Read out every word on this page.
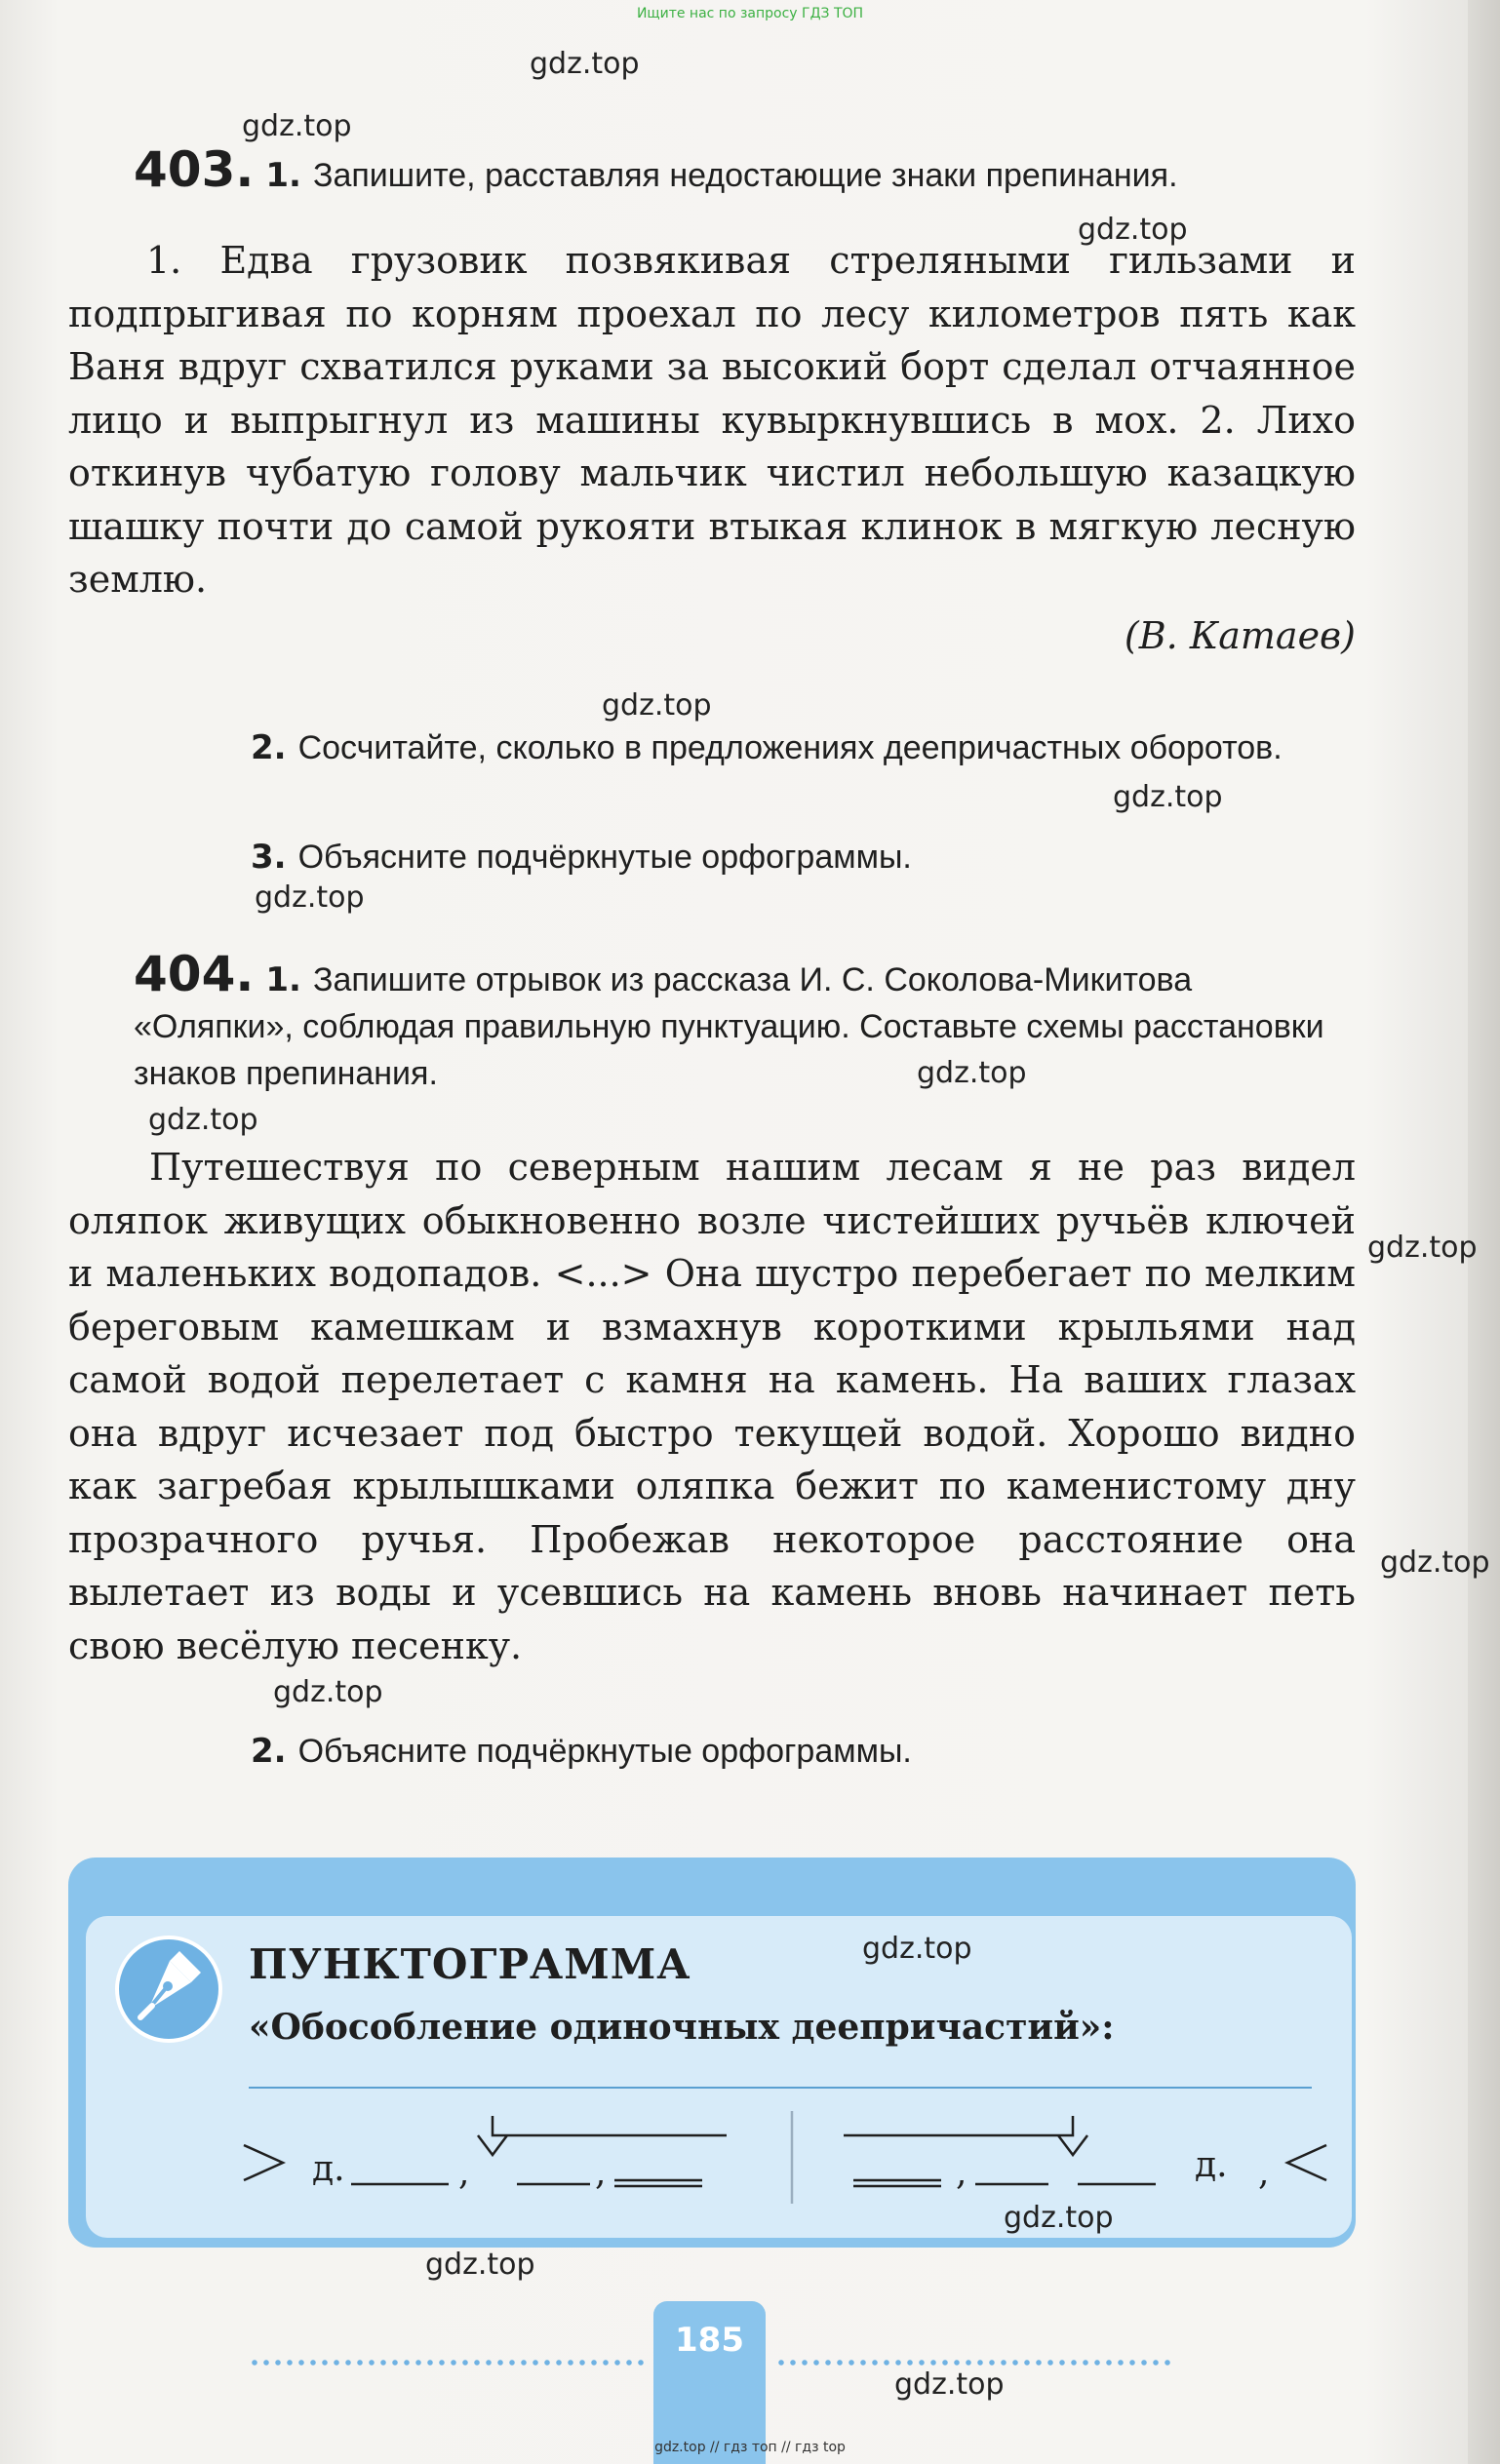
Ищите нас по запросу ГДЗ ТОП
403. 1. Запишите, расставляя недостающие знаки препинания.
1. Едва грузовик позвякивая стреляными гильзами и подпрыгивая по корням проехал по лесу километров пять как Ваня вдруг схватился руками за высокий борт сделал отчаянное лицо и выпрыгнул из машины кувыркнувшись в мох. 2. Лихо откинув чубатую голову мальчик чистил небольшую казацкую шашку почти до самой рукояти втыкая клинок в мягкую лесную землю.
(В. Катаев)
2. Сосчитайте, сколько в предложениях деепричастных оборотов.
3. Объясните подчёркнутые орфограммы.
404. 1. Запишите отрывок из рассказа И. С. Соколова-Микитова «Оляпки», соблюдая правильную пунктуацию. Составьте схемы расстановки знаков препинания.
Путешествуя по северным нашим лесам я не раз видел оляпок живущих обыкновенно возле чистейших ручьёв ключей и маленьких водопадов. <...> Она шустро перебегает по мелким береговым камешкам и взмахнув короткими крыльями над самой водой перелетает с камня на камень. На ваших глазах она вдруг исчезает под быстро текущей водой. Хорошо видно как загребая крылышками оляпка бежит по каменистому дну прозрачного ручья. Пробежав некоторое расстояние она вылетает из воды и усевшись на камень вновь начинает петь свою весёлую песенку.
2. Объясните подчёркнутые орфограммы.
ПУНКТОГРАММА
«Обособление одиночных деепричастий»:
д.	,	,	,	д. ,
185
gdz.top
gdz.top
gdz.top
gdz.top
gdz.top
gdz.top
gdz.top
gdz.top
gdz.top
gdz.top
gdz.top
gdz.top
gdz.top
gdz.top
gdz.top
gdz.top // гдз топ // гдз top
